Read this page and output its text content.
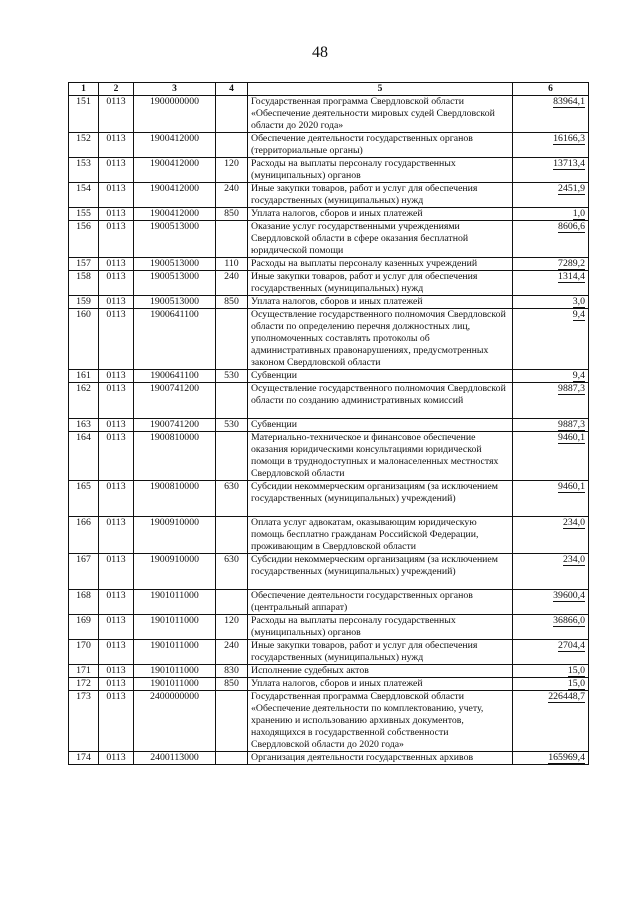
48
1	2	3	4	5	6
151	0113	1900000000		Государственная программа Свердловской области «Обеспечение деятельности мировых судей Свердловской области до 2020 года»	83964,1
152	0113	1900412000		Обеспечение деятельности государственных органов (территориальные органы)	16166,3
153	0113	1900412000	120	Расходы на выплаты персоналу государственных (муниципальных) органов	13713,4
154	0113	1900412000	240	Иные закупки товаров, работ и услуг для обеспечения государственных (муниципальных) нужд	2451,9
155	0113	1900412000	850	Уплата налогов, сборов и иных платежей	1,0
156	0113	1900513000		Оказание услуг государственными учреждениями Свердловской области в сфере оказания бесплатной юридической помощи	8606,6
157	0113	1900513000	110	Расходы на выплаты персоналу казенных учреждений	7289,2
158	0113	1900513000	240	Иные закупки товаров, работ и услуг для обеспечения государственных (муниципальных) нужд	1314,4
159	0113	1900513000	850	Уплата налогов, сборов и иных платежей	3,0
160	0113	1900641100		Осуществление государственного полномочия Свердловской области по определению перечня должностных лиц, уполномоченных составлять протоколы об административных правонарушениях, предусмотренных законом Свердловской области	9,4
161	0113	1900641100	530	Субвенции	9,4
162	0113	1900741200		Осуществление государственного полномочия Свердловской области по созданию административных комиссий	9887,3
163	0113	1900741200	530	Субвенции	9887,3
164	0113	1900810000		Материально-техническое и финансовое обеспечение оказания юридическими консультациями юридической помощи в труднодоступных и малонаселенных местностях Свердловской области	9460,1
165	0113	1900810000	630	Субсидии некоммерческим организациям (за исключением государственных (муниципальных) учреждений)	9460,1
166	0113	1900910000		Оплата услуг адвокатам, оказывающим юридическую помощь бесплатно гражданам Российской Федерации, проживающим в Свердловской области	234,0
167	0113	1900910000	630	Субсидии некоммерческим организациям (за исключением государственных (муниципальных) учреждений)	234,0
168	0113	1901011000		Обеспечение деятельности государственных органов (центральный аппарат)	39600,4
169	0113	1901011000	120	Расходы на выплаты персоналу государственных (муниципальных) органов	36866,0
170	0113	1901011000	240	Иные закупки товаров, работ и услуг для обеспечения государственных (муниципальных) нужд	2704,4
171	0113	1901011000	830	Исполнение судебных актов	15,0
172	0113	1901011000	850	Уплата налогов, сборов и иных платежей	15,0
173	0113	2400000000		Государственная программа Свердловской области «Обеспечение деятельности по комплектованию, учету, хранению и использованию архивных документов, находящихся в государственной собственности Свердловской области до 2020 года»	226448,7
174	0113	2400113000		Организация деятельности государственных архивов	165969,4
